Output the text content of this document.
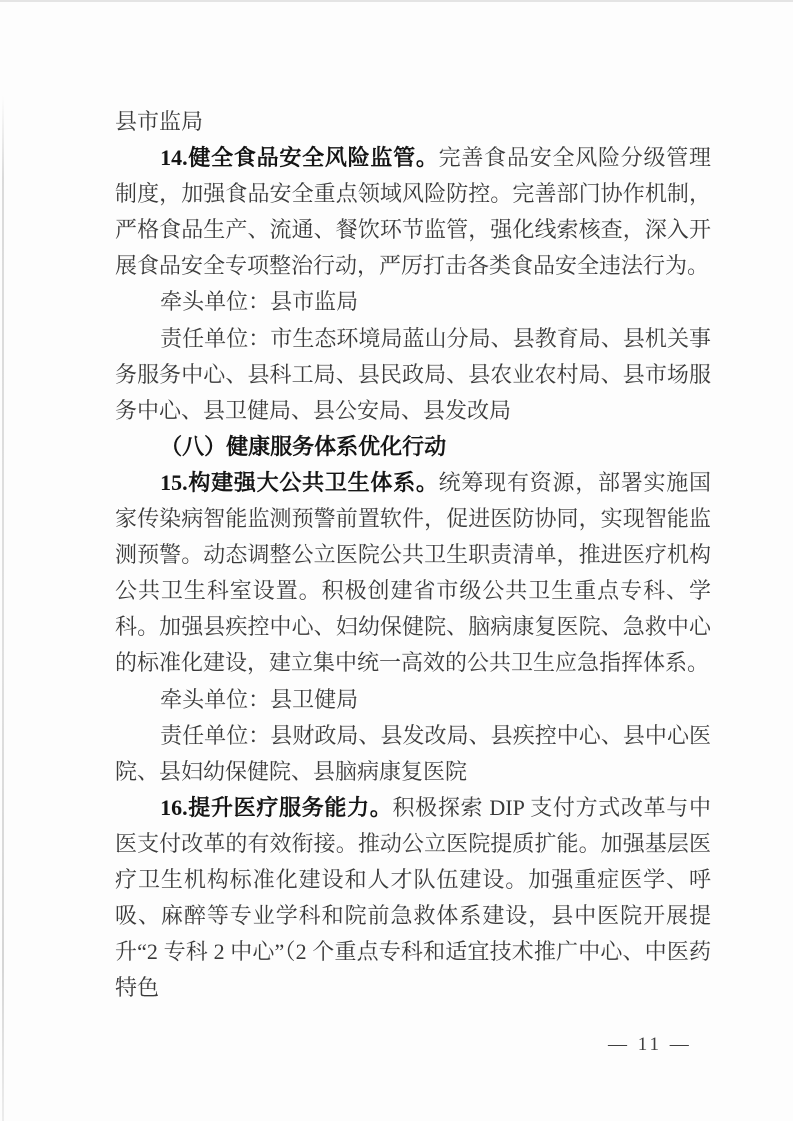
县市监局

14.健全食品安全风险监管。完善食品安全风险分级管理制度，加强食品安全重点领域风险防控。完善部门协作机制，严格食品生产、流通、餐饮环节监管，强化线索核查，深入开展食品安全专项整治行动，严厉打击各类食品安全违法行为。

牵头单位：县市监局

责任单位：市生态环境局蓝山分局、县教育局、县机关事务服务中心、县科工局、县民政局、县农业农村局、县市场服务中心、县卫健局、县公安局、县发改局

（八）健康服务体系优化行动

15.构建强大公共卫生体系。统筹现有资源，部署实施国家传染病智能监测预警前置软件，促进医防协同，实现智能监测预警。动态调整公立医院公共卫生职责清单，推进医疗机构公共卫生科室设置。积极创建省市级公共卫生重点专科、学科。加强县疾控中心、妇幼保健院、脑病康复医院、急救中心的标准化建设，建立集中统一高效的公共卫生应急指挥体系。

牵头单位：县卫健局

责任单位：县财政局、县发改局、县疾控中心、县中心医院、县妇幼保健院、县脑病康复医院

16.提升医疗服务能力。积极探索 DIP 支付方式改革与中医支付改革的有效衔接。推动公立医院提质扩能。加强基层医疗卫生机构标准化建设和人才队伍建设。加强重症医学、呼吸、麻醉等专业学科和院前急救体系建设，县中医院开展提升“2 专科 2 中心”（2 个重点专科和适宜技术推广中心、中医药特色

— 11 —
